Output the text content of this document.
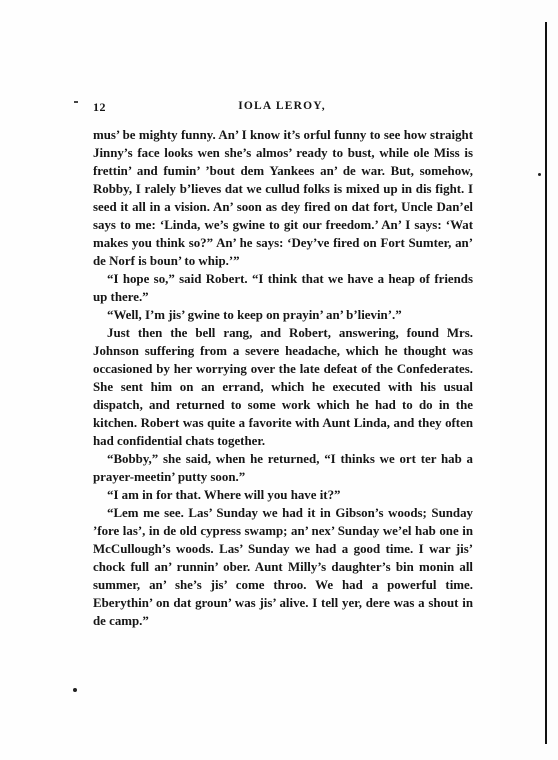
12	IOLA LEROY,

mus’ be mighty funny. An’ I know it’s orful funny to see how straight Jinny’s face looks wen she’s almos’ ready to bust, while ole Miss is frettin’ and fumin’ ’bout dem Yankees an’ de war. But, somehow, Robby, I ralely b’lieves dat we cullud folks is mixed up in dis fight. I seed it all in a vision. An’ soon as dey fired on dat fort, Uncle Dan’el says to me: ‘Linda, we’s gwine to git our freedom.’ An’ I says: ‘Wat makes you think so?” An’ he says: ‘Dey’ve fired on Fort Sumter, an’ de Norf is boun’ to whip.’”

“I hope so,” said Robert. “I think that we have a heap of friends up there.”

“Well, I’m jis’ gwine to keep on prayin’ an’ b’lievin’.”

Just then the bell rang, and Robert, answering, found Mrs. Johnson suffering from a severe headache, which he thought was occasioned by her worrying over the late defeat of the Confederates. She sent him on an errand, which he executed with his usual dispatch, and returned to some work which he had to do in the kitchen. Robert was quite a favorite with Aunt Linda, and they often had confidential chats together.

“Bobby,” she said, when he returned, “I thinks we ort ter hab a prayer-meetin’ putty soon.”

“I am in for that. Where will you have it?”

“Lem me see. Las’ Sunday we had it in Gibson’s woods; Sunday ’fore las’, in de old cypress swamp; an’ nex’ Sunday we’el hab one in McCullough’s woods. Las’ Sunday we had a good time. I war jis’ chock full an’ runnin’ ober. Aunt Milly’s daughter’s bin monin all summer, an’ she’s jis’ come throo. We had a powerful time. Eberythin’ on dat groun’ was jis’ alive. I tell yer, dere was a shout in de camp.”
